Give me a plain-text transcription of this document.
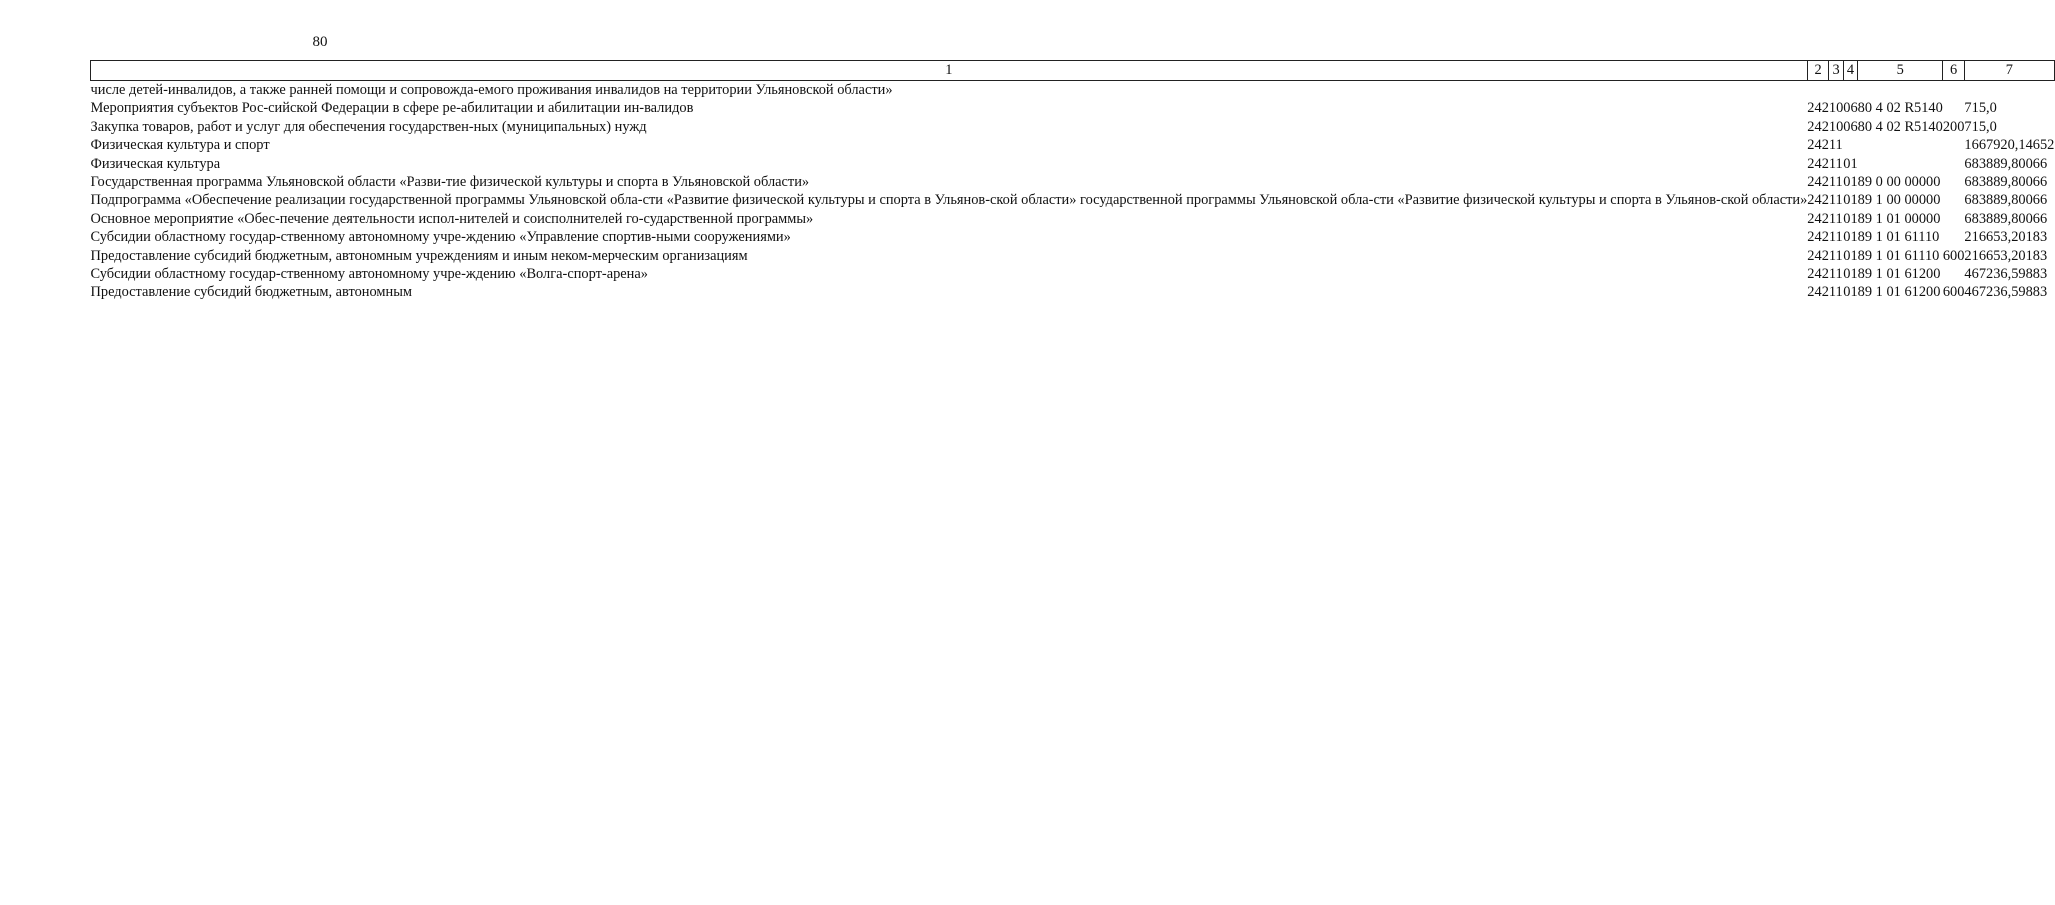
80
1	2	3	4	5	6	7
числе детей-инвалидов, а также ранней помощи и сопровожда-емого проживания инвалидов на территории Ульяновской области»						
Мероприятия субъектов Рос-сийской Федерации в сфере ре-абилитации и абилитации ин-валидов	242	10	06	80 4 02 R5140		715,0
Закупка товаров, работ и услуг для обеспечения государствен-ных (муниципальных) нужд	242	10	06	80 4 02 R5140	200	715,0
Физическая культура и спорт	242	11				1667920,14652
Физическая культура	242	11	01			683889,80066
Государственная программа Ульяновской области «Разви-тие физической культуры и спорта в Ульяновской области»	242	11	01	89 0 00 00000		683889,80066
Подпрограмма «Обеспечение реализации государственной программы Ульяновской обла-сти «Развитие физической культуры и спорта в Ульянов-ской области» государственной программы Ульяновской обла-сти «Развитие физической культуры и спорта в Ульянов-ской области»	242	11	01	89 1 00 00000		683889,80066
Основное мероприятие «Обес-печение деятельности испол-нителей и соисполнителей го-сударственной программы»	242	11	01	89 1 01 00000		683889,80066
Субсидии областному государ-ственному автономному учре-ждению «Управление спортив-ными сооружениями»	242	11	01	89 1 01 61110		216653,20183
Предоставление субсидий бюджетным, автономным учреждениям и иным неком-мерческим организациям	242	11	01	89 1 01 61110	600	216653,20183
Субсидии областному государ-ственному автономному учре-ждению «Волга-спорт-арена»	242	11	01	89 1 01 61200		467236,59883
Предоставление субсидий бюджетным, автономным	242	11	01	89 1 01 61200	600	467236,59883
